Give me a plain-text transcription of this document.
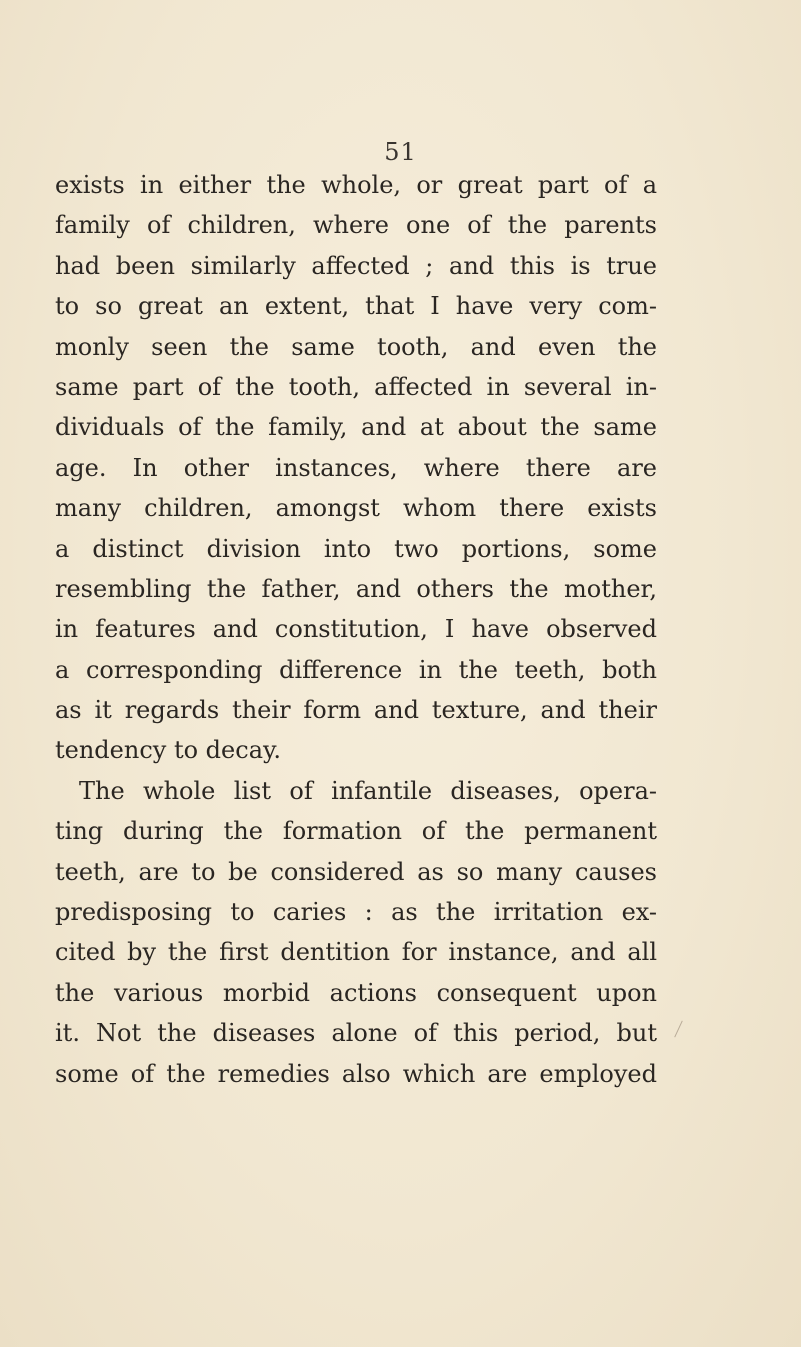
51
exists in either the whole, or great part of a
family of children, where one of the parents
had been similarly affected ; and this is true
to so great an extent, that I have very com-
monly seen the same tooth, and even the
same part of the tooth, affected in several in-
dividuals of the family, and at about the same
age. In other instances, where there are
many children, amongst whom there exists
a distinct division into two portions, some
resembling the father, and others the mother,
in features and constitution, I have observed
a corresponding difference in the teeth, both
as it regards their form and texture, and their
tendency to decay.
The whole list of infantile diseases, opera-
ting during the formation of the permanent
teeth, are to be considered as so many causes
predisposing to caries : as the irritation ex-
cited by the first dentition for instance, and all
the various morbid actions consequent upon
it. Not the diseases alone of this period, but
some of the remedies also which are employed
